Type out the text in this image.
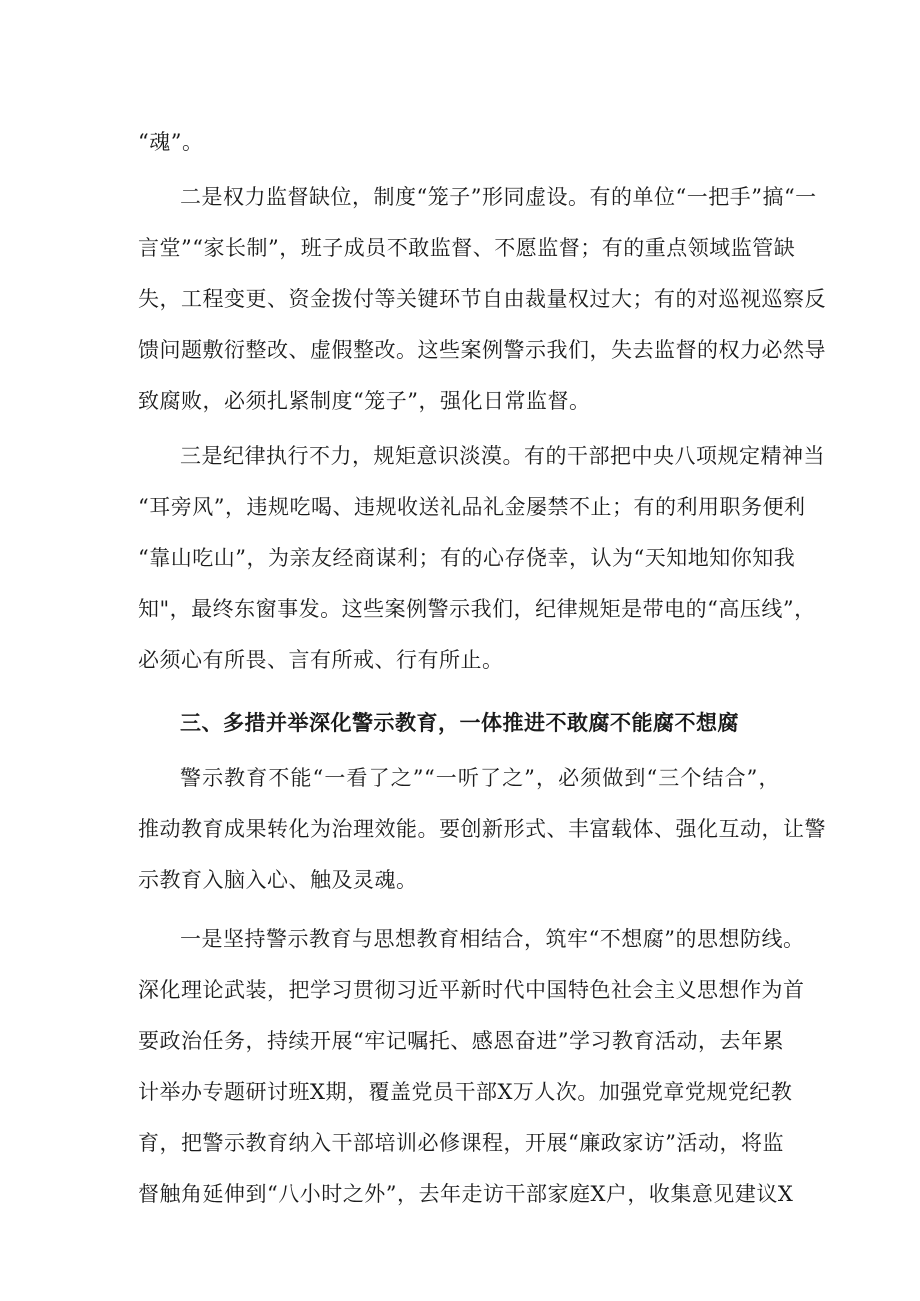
“魂”。
二是权力监督缺位，制度“笼子”形同虚设。有的单位“一把手”搞“一
言堂”“家长制”，班子成员不敢监督、不愿监督；有的重点领域监管缺
失，工程变更、资金拨付等关键环节自由裁量权过大；有的对巡视巡察反
馈问题敷衍整改、虚假整改。这些案例警示我们，失去监督的权力必然导
致腐败，必须扎紧制度“笼子”，强化日常监督。
三是纪律执行不力，规矩意识淡漠。有的干部把中央八项规定精神当
“耳旁风”，违规吃喝、违规收送礼品礼金屡禁不止；有的利用职务便利
“靠山吃山”，为亲友经商谋利；有的心存侥幸，认为“天知地知你知我
知"，最终东窗事发。这些案例警示我们，纪律规矩是带电的“高压线”，
必须心有所畏、言有所戒、行有所止。
三、多措并举深化警示教育，一体推进不敢腐不能腐不想腐
警示教育不能“一看了之”“一听了之”，必须做到“三个结合”，
推动教育成果转化为治理效能。要创新形式、丰富载体、强化互动，让警
示教育入脑入心、触及灵魂。
一是坚持警示教育与思想教育相结合，筑牢“不想腐”的思想防线。
深化理论武装，把学习贯彻习近平新时代中国特色社会主义思想作为首
要政治任务，持续开展“牢记嘱托、感恩奋进”学习教育活动，去年累
计举办专题研讨班X期，覆盖党员干部X万人次。加强党章党规党纪教
育，把警示教育纳入干部培训必修课程，开展“廉政家访”活动，将监
督触角延伸到“八小时之外”，去年走访干部家庭X户，收集意见建议X
